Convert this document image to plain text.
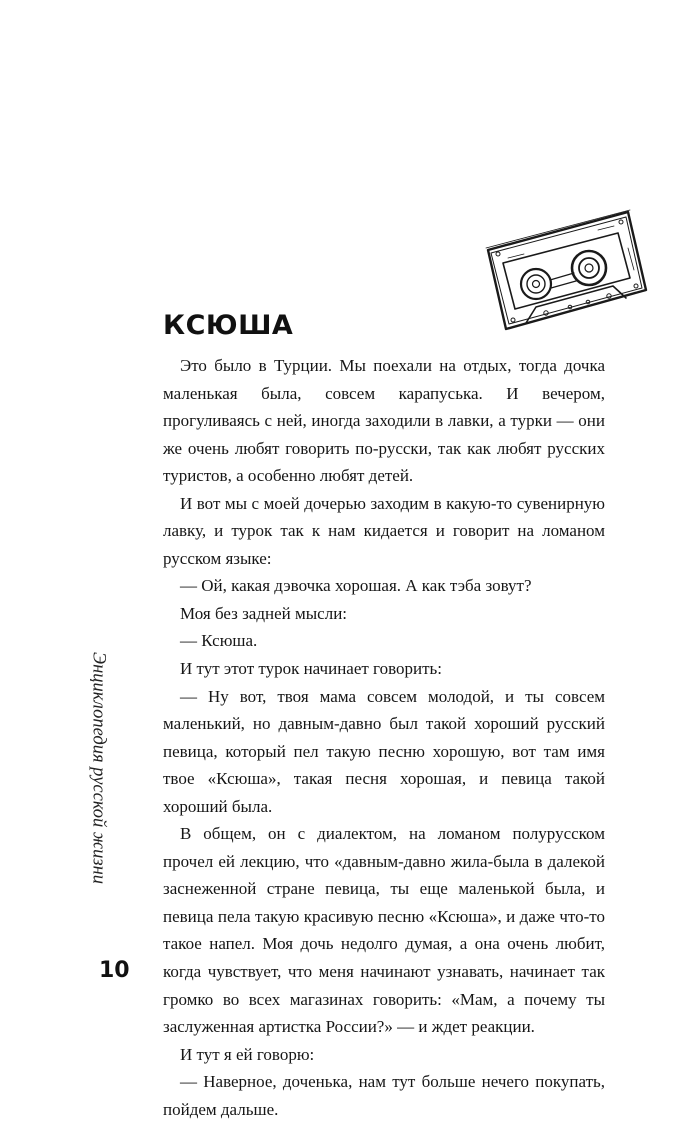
КСЮША

Это было в Турции. Мы поехали на отдых, тогда дочка маленькая была, совсем карапуська. И вечером, прогуливаясь с ней, иногда заходили в лавки, а турки — они же очень любят говорить по-русски, так как любят русских туристов, а особенно любят детей.

И вот мы с моей дочерью заходим в какую-то сувенирную лавку, и турок так к нам кидается и говорит на ломаном русском языке:

— Ой, какая дэвочка хорошая. А как тэба зовут?

Моя без задней мысли:

— Ксюша.

И тут этот турок начинает говорить:

— Ну вот, твоя мама совсем молодой, и ты совсем маленький, но давным-давно был такой хороший русский певица, который пел такую песню хорошую, вот там имя твое «Ксюша», такая песня хорошая, и певица такой хороший была.

В общем, он с диалектом, на ломаном полурусском прочел ей лекцию, что «давным-давно жила-была в далекой заснеженной стране певица, ты еще маленькой была, и певица пела такую красивую песню «Ксюша», и даже что-то такое напел. Моя дочь недолго думая, а она очень любит, когда чувствует, что меня начинают узнавать, начинает так громко во всех магазинах говорить: «Мам, а почему ты заслуженная артистка России?» — и ждет реакции.

И тут я ей говорю:

— Наверное, доченька, нам тут больше нечего покупать, пойдем дальше.

Энциклопедия русской жизни
10
